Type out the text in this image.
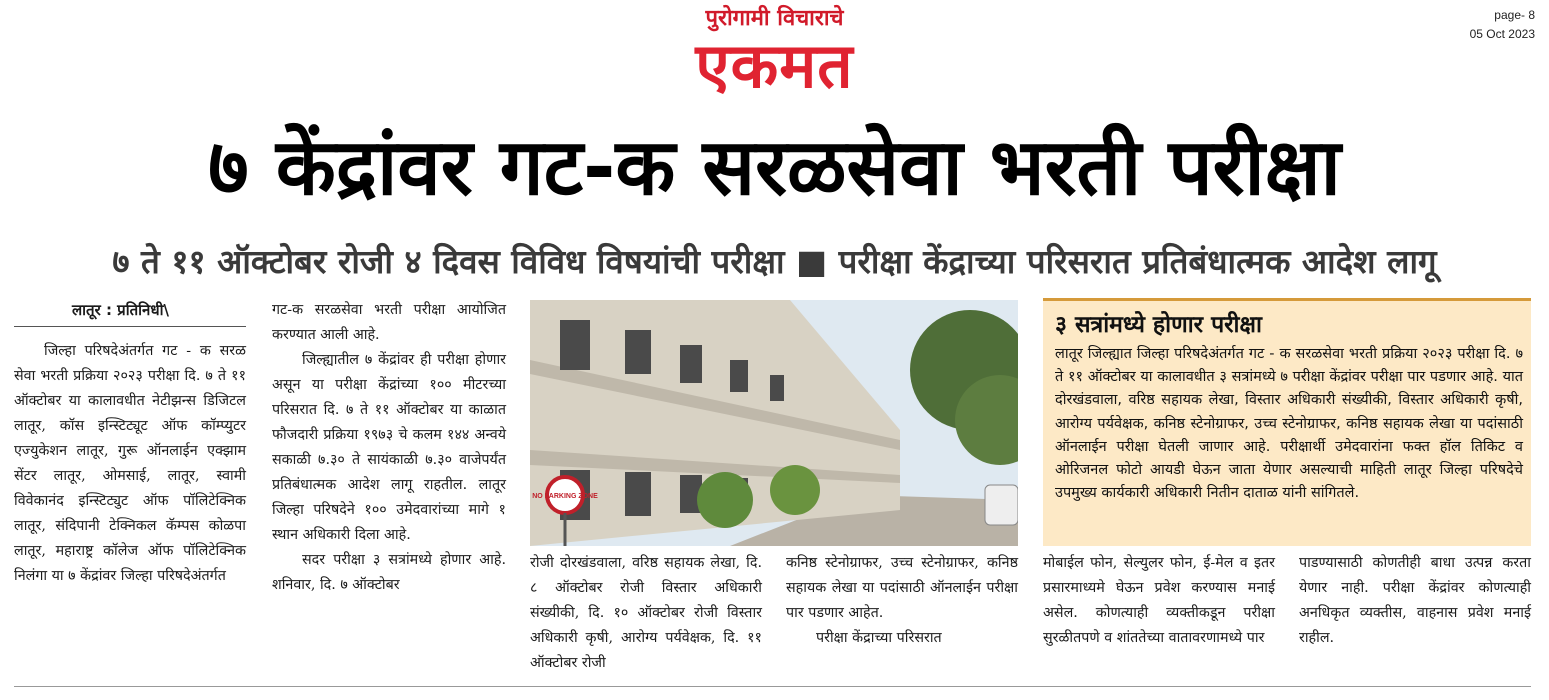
पुरोगामी विचाराचे
एकमत
page- 8
05 Oct 2023
७ केंद्रांवर गट-क सरळसेवा भरती परीक्षा
७ ते ११ ऑक्टोबर रोजी ४ दिवस विविध विषयांची परीक्षा ■ परीक्षा केंद्राच्या परिसरात प्रतिबंधात्मक आदेश लागू
लातूर : प्रतिनिधी\

जिल्हा परिषदेअंतर्गत गट - क सरळ सेवा भरती प्रक्रिया २०२३ परीक्षा दि. ७ ते ११ ऑक्टोबर या कालावधीत नेटीझन्स डिजिटल लातूर, कॉस इन्स्टिट्यूट ऑफ कॉम्प्युटर एज्युकेशन लातूर, गुरू ऑनलाईन एक्झाम सेंटर लातूर, ओमसाई, लातूर, स्वामी विवेकानंद इन्स्टिट्युट ऑफ पॉलिटेक्निक लातूर, संदिपानी टेक्निकल कॅम्पस कोळपा लातूर, महाराष्ट्र कॉलेज ऑफ पॉलिटेक्निक निलंगा या ७ केंद्रांवर जिल्हा परिषदेअंतर्गत

गट-क सरळसेवा भरती परीक्षा आयोजित करण्यात आली आहे.

जिल्ह्यातील ७ केंद्रांवर ही परीक्षा होणार असून या परीक्षा केंद्रांच्या १०० मीटरच्या परिसरात दि. ७ ते ११ ऑक्टोबर या काळात फौजदारी प्रक्रिया १९७३ चे कलम १४४ अन्वये सकाळी ७.३० ते सायंकाळी ७.३० वाजेपर्यंत प्रतिबंधात्मक आदेश लागू राहतील. लातूर जिल्हा परिषदेने १०० उमेदवारांच्या मागे १ स्थान अधिकारी दिला आहे.

सदर परीक्षा ३ सत्रांमध्ये होणार आहे. शनिवार, दि. ७ ऑक्टोबर

NO PARKING ZONE

रोजी दोरखंडवाला, वरिष्ठ सहायक लेखा, दि. ८ ऑक्टोबर रोजी विस्तार अधिकारी संख्यीकी, दि. १० ऑक्टोबर रोजी विस्तार अधिकारी कृषी, आरोग्य पर्यवेक्षक, दि. ११ ऑक्टोबर रोजी

कनिष्ठ स्टेनोग्राफर, उच्च स्टेनोग्राफर, कनिष्ठ सहायक लेखा या पदांसाठी ऑनलाईन परीक्षा पार पडणार आहेत.

परीक्षा केंद्राच्या परिसरात

३ सत्रांमध्ये होणार परीक्षा
लातूर जिल्ह्यात जिल्हा परिषदेअंतर्गत गट - क सरळसेवा भरती प्रक्रिया २०२३ परीक्षा दि. ७ ते ११ ऑक्टोबर या कालावधीत ३ सत्रांमध्ये ७ परीक्षा केंद्रांवर परीक्षा पार पडणार आहे. यात दोरखंडवाला, वरिष्ठ सहायक लेखा, विस्तार अधिकारी संख्यीकी, विस्तार अधिकारी कृषी, आरोग्य पर्यवेक्षक, कनिष्ठ स्टेनोग्राफर, उच्च स्टेनोग्राफर, कनिष्ठ सहायक लेखा या पदांसाठी ऑनलाईन परीक्षा घेतली जाणार आहे. परीक्षार्थी उमेदवारांना फक्त हॉल तिकिट व ओरिजनल फोटो आयडी घेऊन जाता येणार असल्याची माहिती लातूर जिल्हा परिषदेचे उपमुख्य कार्यकारी अधिकारी नितीन दाताळ यांनी सांगितले.

मोबाईल फोन, सेल्युलर फोन, ई-मेल व इतर प्रसारमाध्यमे घेऊन प्रवेश करण्यास मनाई असेल. कोणत्याही व्यक्तीकडून परीक्षा सुरळीतपणे व शांततेच्या वातावरणामध्ये पार

पाडण्यासाठी कोणतीही बाधा उत्पन्न करता येणार नाही. परीक्षा केंद्रांवर कोणत्याही अनधिकृत व्यक्तीस, वाहनास प्रवेश मनाई राहील.
